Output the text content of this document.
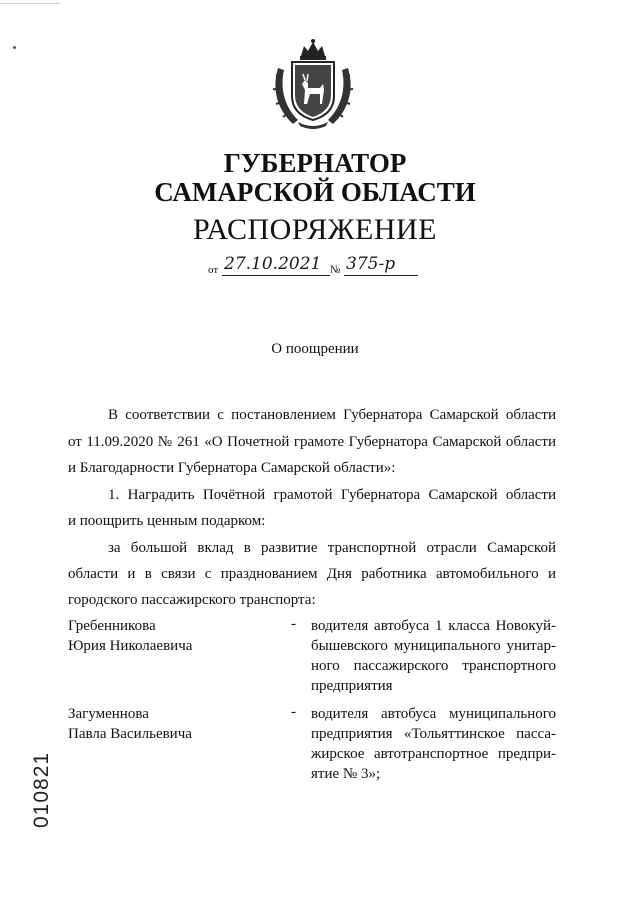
ГУБЕРНАТОР
САМАРСКОЙ ОБЛАСТИ
РАСПОРЯЖЕНИЕ
от 27.10.2021 № 375-р
О поощрении
В соответствии с постановлением Губернатора Самарской области
от 11.09.2020 № 261 «О Почетной грамоте Губернатора Самарской области
и Благодарности Губернатора Самарской области»:
1. Наградить Почётной грамотой Губернатора Самарской области
и поощрить ценным подарком:
за большой вклад в развитие транспортной отрасли Самарской
области и в связи с празднованием Дня работника автомобильного и
городского пассажирского транспорта:
Гребенникова
Юрия Николаевича
- водителя автобуса 1 класса Новокуй-
бышевского муниципального унитар-
ного пассажирского транспортного
предприятия
Загуменнова
Павла Васильевича
- водителя автобуса муниципального
предприятия «Тольяттинское пасса-
жирское автотранспортное предпри-
ятие № 3»;
010821
